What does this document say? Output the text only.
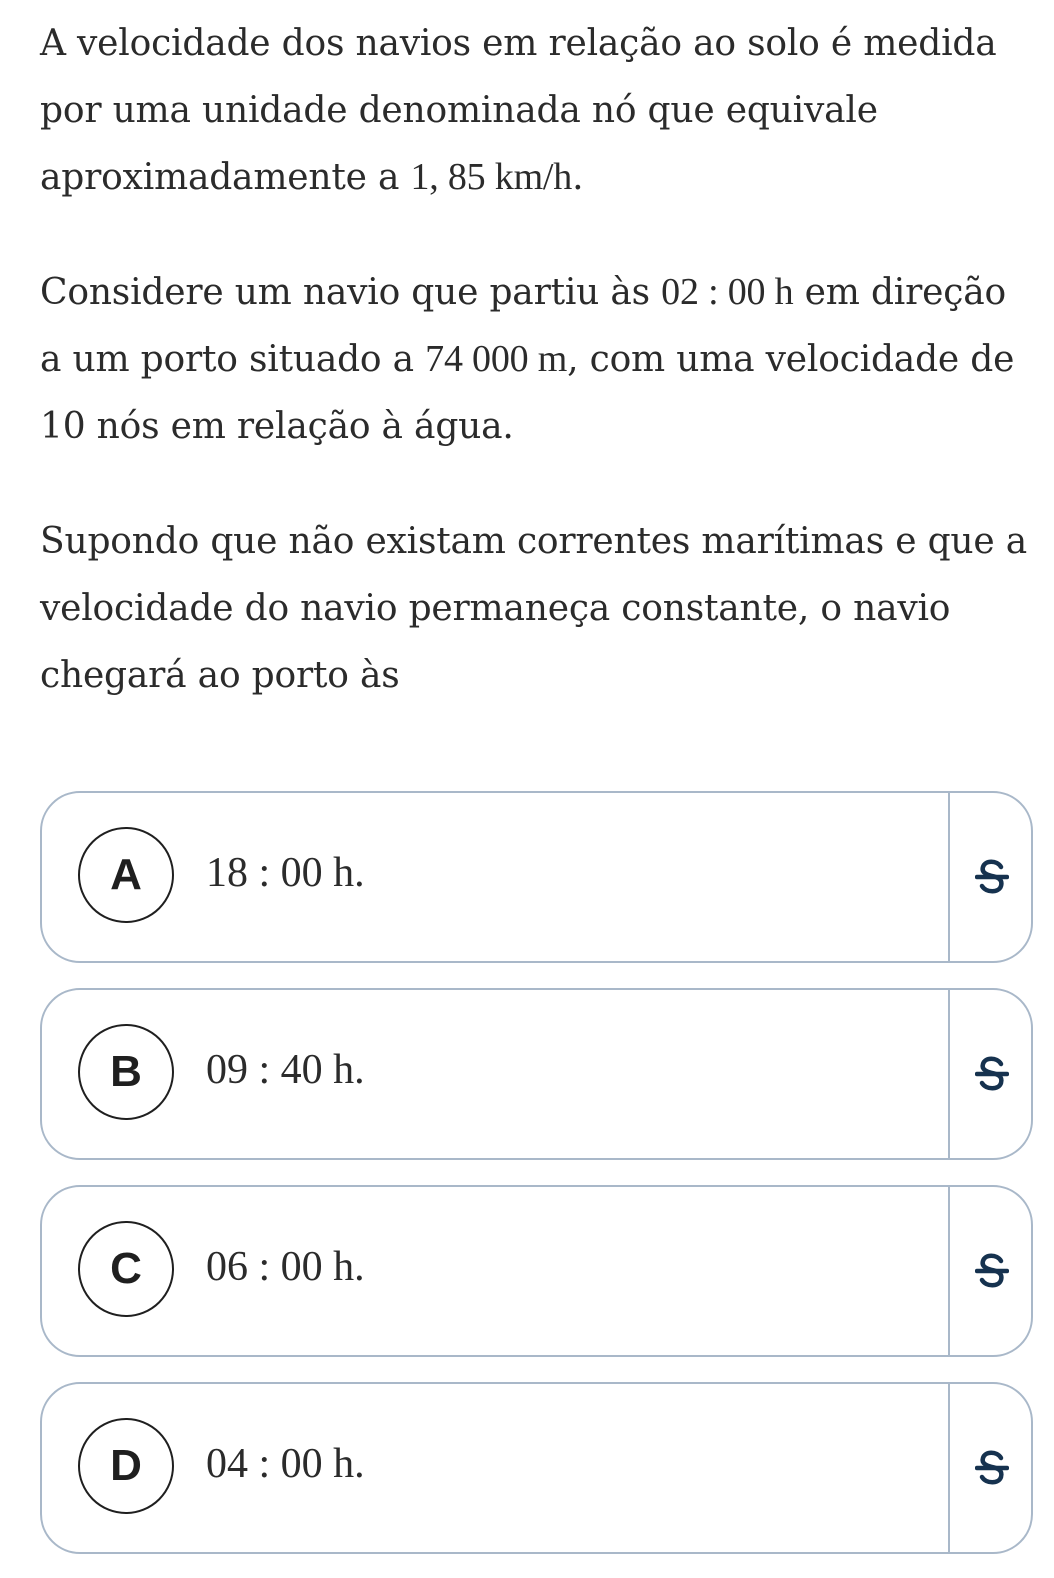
A velocidade dos navios em relação ao solo é medida por uma unidade denominada nó que equivale aproximadamente a 1, 85 km/h.

Considere um navio que partiu às 02 : 00 h em direção a um porto situado a 74 000 m, com uma velocidade de 10 nós em relação à água.

Supondo que não existam correntes marítimas e que a velocidade do navio permaneça constante, o navio chegará ao porto às

A	18 : 00 h.
B	09 : 40 h.
C	06 : 00 h.
D	04 : 00 h.
